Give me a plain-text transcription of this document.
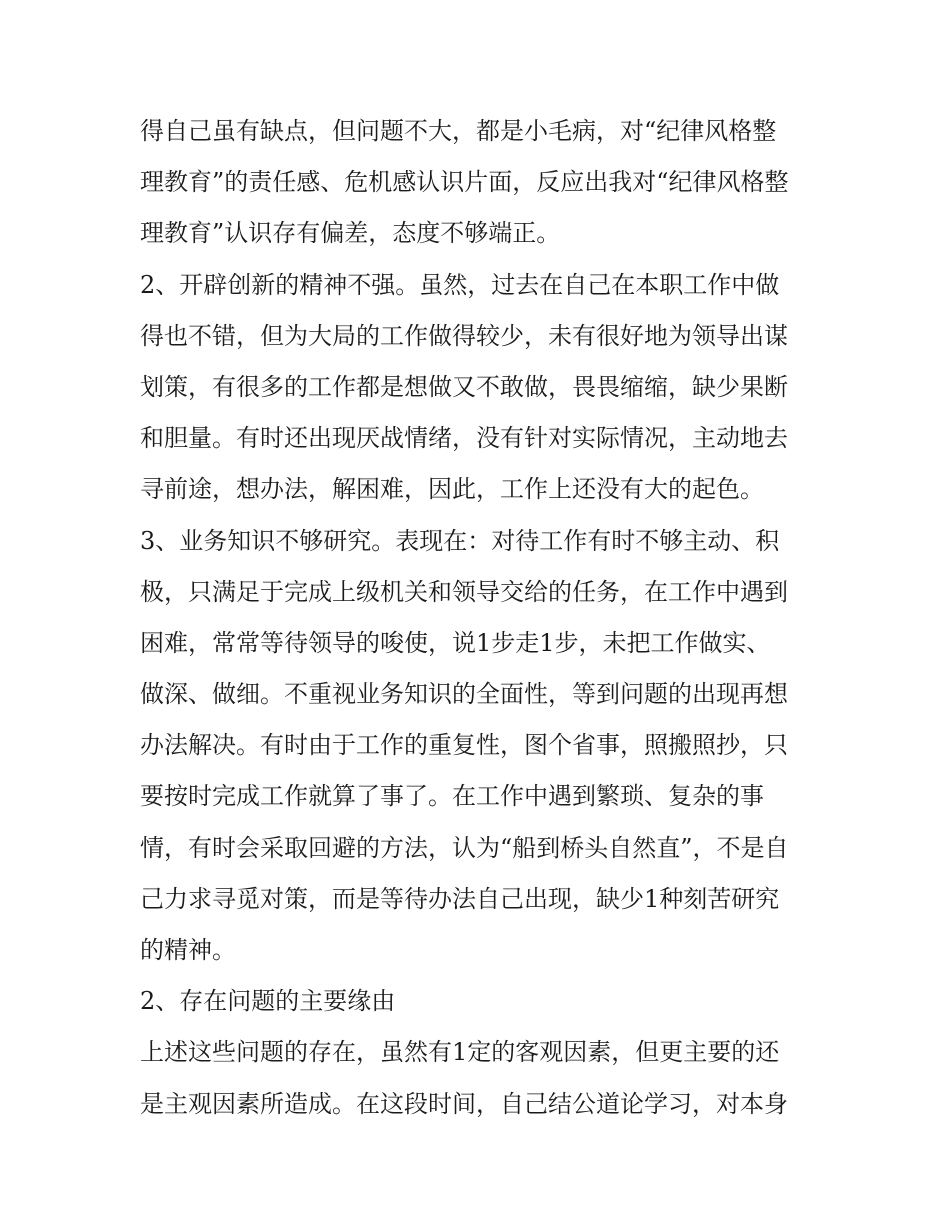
得自己虽有缺点，但问题不大，都是小毛病，对“纪律风格整
理教育”的责任感、危机感认识片面，反应出我对“纪律风格整
理教育”认识存有偏差，态度不够端正。
2、开辟创新的精神不强。虽然，过去在自己在本职工作中做
得也不错，但为大局的工作做得较少，未有很好地为领导出谋
划策，有很多的工作都是想做又不敢做，畏畏缩缩，缺少果断
和胆量。有时还出现厌战情绪，没有针对实际情况，主动地去
寻前途，想办法，解困难，因此，工作上还没有大的起色。
3、业务知识不够研究。表现在：对待工作有时不够主动、积
极，只满足于完成上级机关和领导交给的任务，在工作中遇到
困难，常常等待领导的唆使，说1步走1步，未把工作做实、
做深、做细。不重视业务知识的全面性，等到问题的出现再想
办法解决。有时由于工作的重复性，图个省事，照搬照抄，只
要按时完成工作就算了事了。在工作中遇到繁琐、复杂的事
情，有时会采取回避的方法，认为“船到桥头自然直”，不是自
己力求寻觅对策，而是等待办法自己出现，缺少1种刻苦研究
的精神。
2、存在问题的主要缘由
上述这些问题的存在，虽然有1定的客观因素，但更主要的还
是主观因素所造成。在这段时间，自己结公道论学习，对本身
